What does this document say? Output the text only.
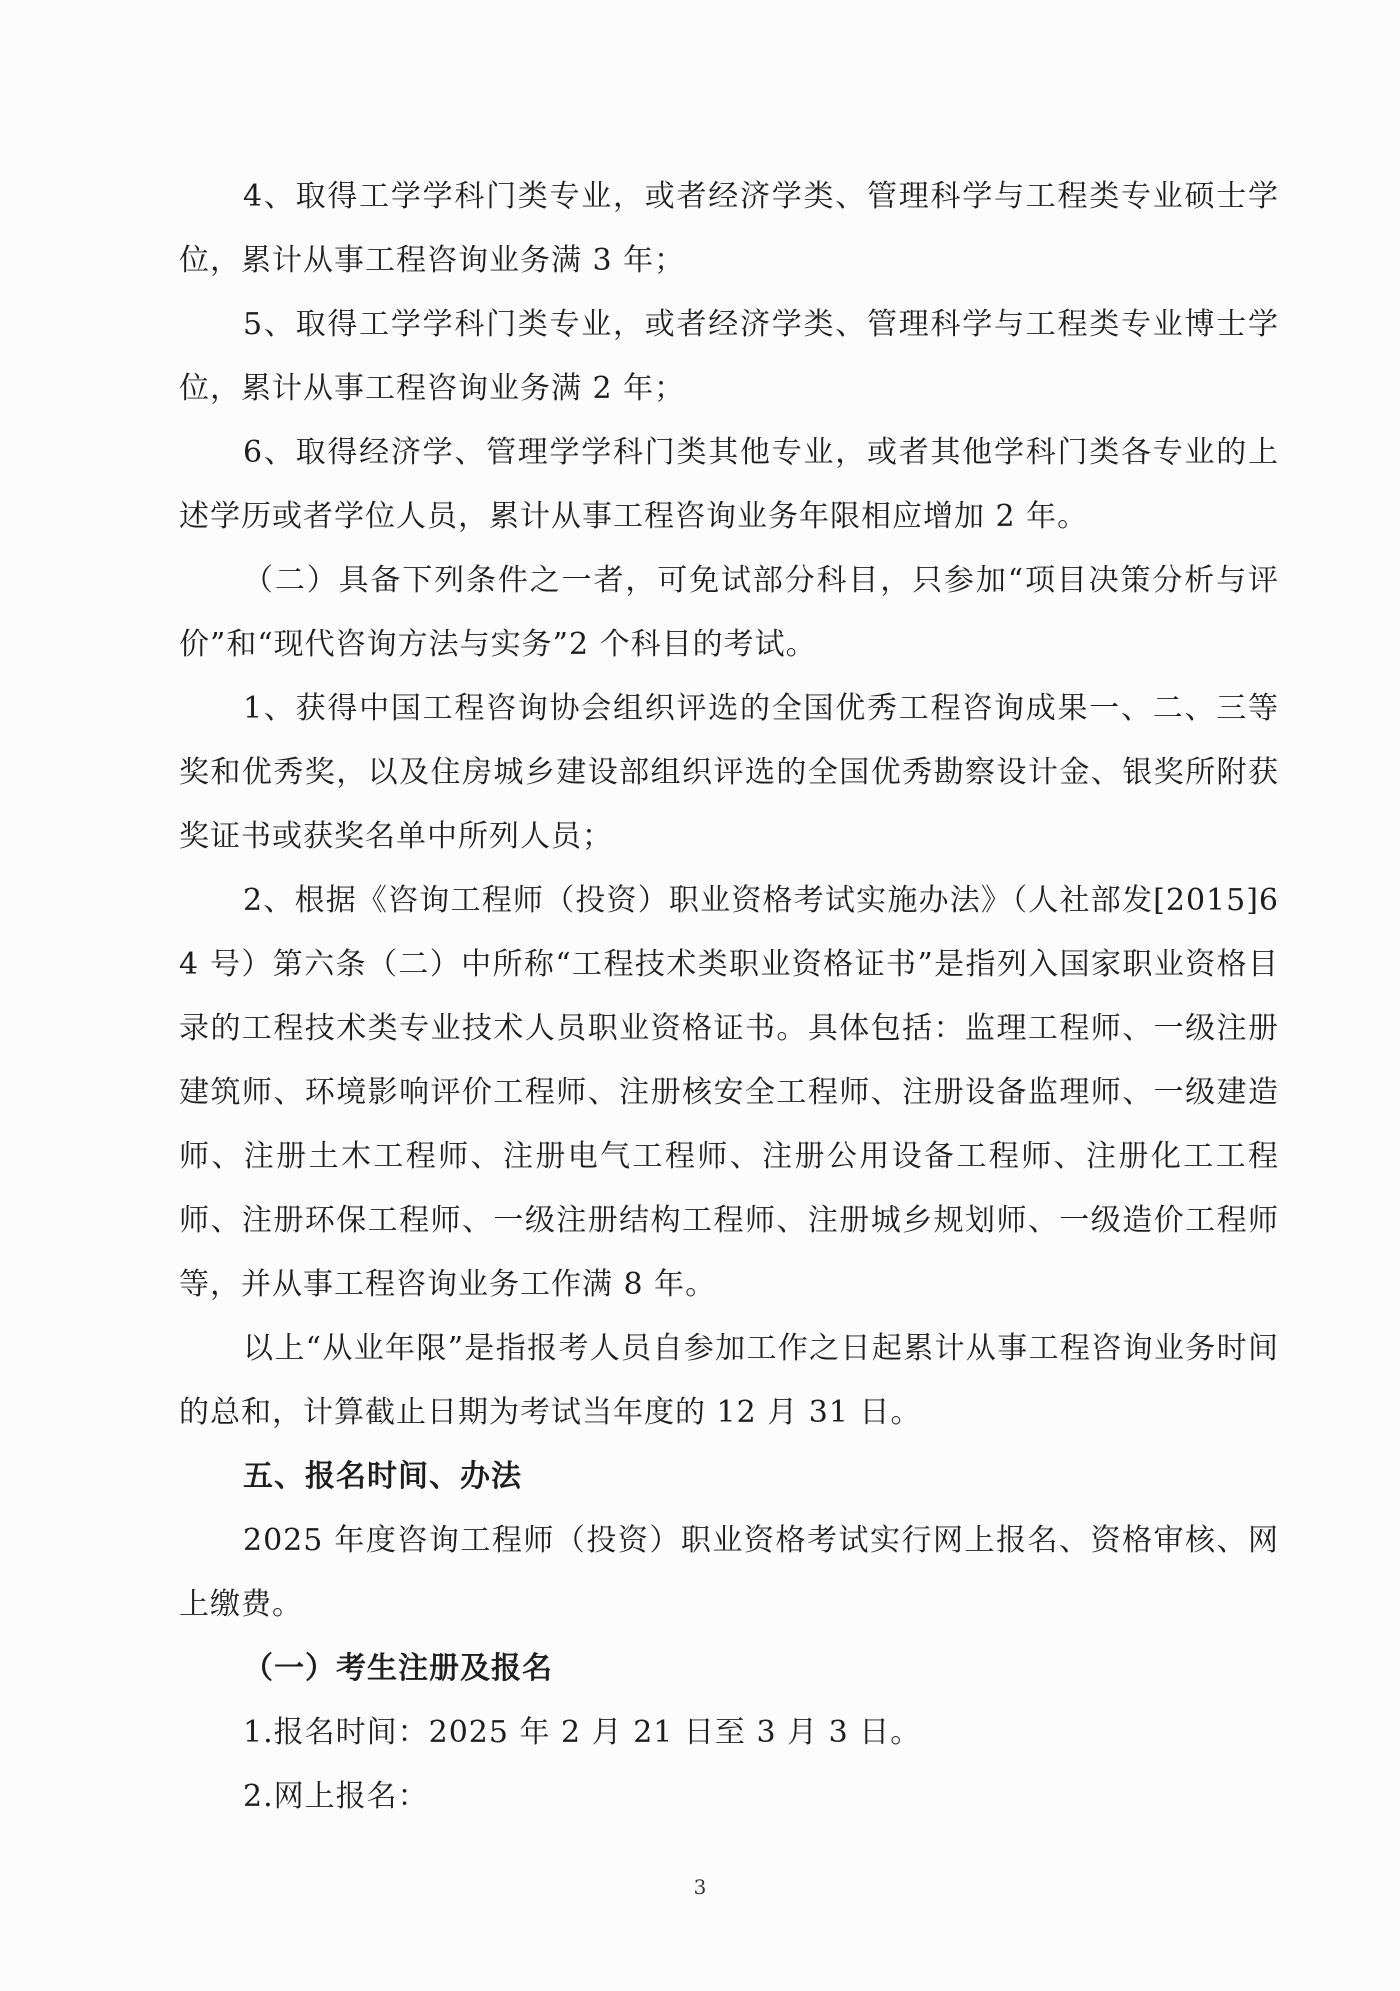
4、取得工学学科门类专业，或者经济学类、管理科学与工程类专业硕士学位，累计从事工程咨询业务满 3 年；

5、取得工学学科门类专业，或者经济学类、管理科学与工程类专业博士学位，累计从事工程咨询业务满 2 年；

6、取得经济学、管理学学科门类其他专业，或者其他学科门类各专业的上述学历或者学位人员，累计从事工程咨询业务年限相应增加 2 年。

（二）具备下列条件之一者，可免试部分科目，只参加“项目决策分析与评价”和“现代咨询方法与实务”2 个科目的考试。

1、获得中国工程咨询协会组织评选的全国优秀工程咨询成果一、二、三等奖和优秀奖，以及住房城乡建设部组织评选的全国优秀勘察设计金、银奖所附获奖证书或获奖名单中所列人员；

2、根据《咨询工程师（投资）职业资格考试实施办法》（人社部发[2015]64 号）第六条（二）中所称“工程技术类职业资格证书”是指列入国家职业资格目录的工程技术类专业技术人员职业资格证书。具体包括：监理工程师、一级注册建筑师、环境影响评价工程师、注册核安全工程师、注册设备监理师、一级建造师、注册土木工程师、注册电气工程师、注册公用设备工程师、注册化工工程师、注册环保工程师、一级注册结构工程师、注册城乡规划师、一级造价工程师等，并从事工程咨询业务工作满 8 年。

以上“从业年限”是指报考人员自参加工作之日起累计从事工程咨询业务时间的总和，计算截止日期为考试当年度的 12 月 31 日。

五、报名时间、办法

2025 年度咨询工程师（投资）职业资格考试实行网上报名、资格审核、网上缴费。

（一）考生注册及报名

1.报名时间：2025 年 2 月 21 日至 3 月 3 日。

2.网上报名：

3
